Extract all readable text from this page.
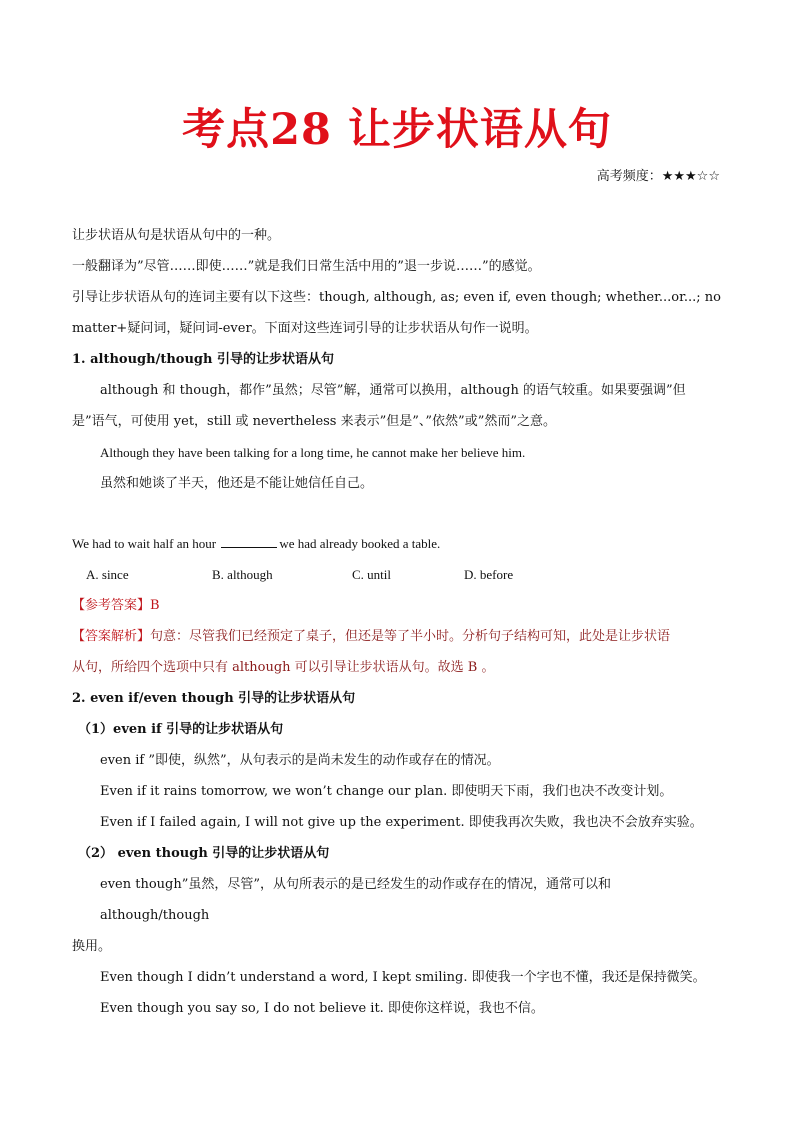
考点28 让步状语从句
高考频度：★★★☆☆

让步状语从句是状语从句中的一种。

一般翻译为”尽管……即使……”就是我们日常生活中用的”退一步说……”的感觉。

引导让步状语从句的连词主要有以下这些：though, although, as; even if, even though; whether...or...; no

matter+疑问词，疑问词-ever。下面对这些连词引导的让步状语从句作一说明。

1. although/though 引导的让步状语从句

although 和 though，都作”虽然；尽管”解，通常可以换用，although 的语气较重。如果要强调”但

是”语气，可使用 yet，still 或 nevertheless 来表示”但是”、”依然”或”然而”之意。

Although they have been talking for a long time, he cannot make her believe him.

虽然和她谈了半天，他还是不能让她信任自己。

We had to wait half an hour	we had already booked a table.

A. since	B. although	C. until	D. before

【参考答案】B

【答案解析】句意：尽管我们已经预定了桌子，但还是等了半小时。分析句子结构可知，此处是让步状语

从句，所给四个选项中只有 although 可以引导让步状语从句。故选 B 。

2. even if/even though 引导的让步状语从句

（1）even if 引导的让步状语从句

even if ”即使，纵然”，从句表示的是尚未发生的动作或存在的情况。

Even if it rains tomorrow, we won’t change our plan. 即使明天下雨，我们也决不改变计划。

Even if I failed again, I will not give up the experiment. 即使我再次失败，我也决不会放弃实验。

（2） even though 引导的让步状语从句

even though”虽然，尽管”，从句所表示的是已经发生的动作或存在的情况，通常可以和 although/though

换用。

Even though I didn’t understand a word, I kept smiling. 即使我一个字也不懂，我还是保持微笑。

Even though you say so, I do not believe it. 即使你这样说，我也不信。
